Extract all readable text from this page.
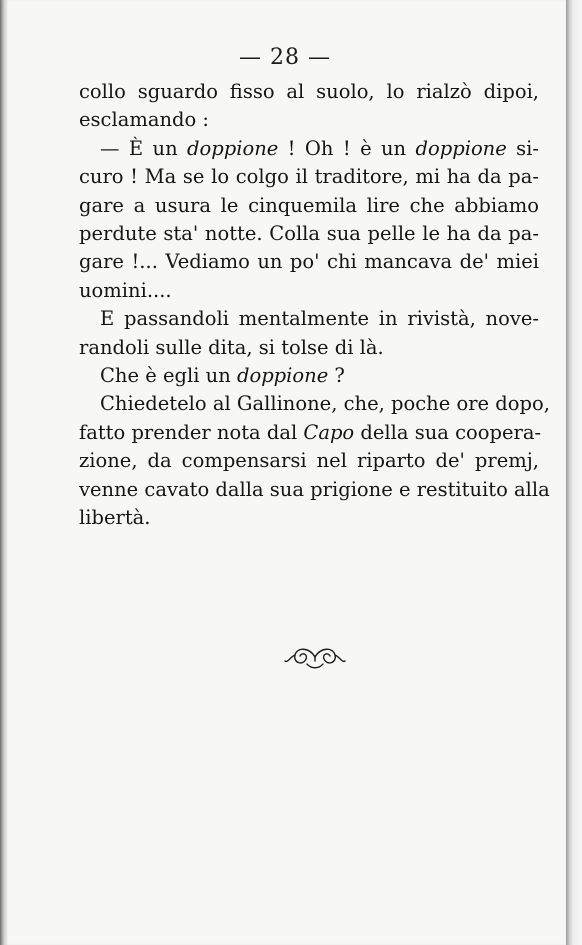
— 28 —
collo sguardo fisso al suolo, lo rialzò dipoi,
esclamando :
— È un doppione ! Oh ! è un doppione si-
curo ! Ma se lo colgo il traditore, mi ha da pa-
gare a usura le cinquemila lire che abbiamo
perdute sta' notte. Colla sua pelle le ha da pa-
gare !... Vediamo un po' chi mancava de' miei
uomini....
E passandoli mentalmente in rivistà, nove-
randoli sulle dita, si tolse di là.
Che è egli un doppione ?
Chiedetelo al Gallinone, che, poche ore dopo,
fatto prender nota dal Capo della sua coopera-
zione, da compensarsi nel riparto de' premj,
venne cavato dalla sua prigione e restituito alla
libertà.
